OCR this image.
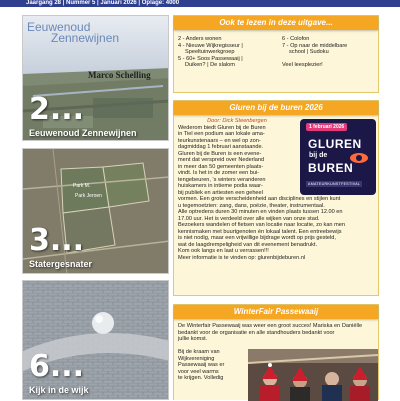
Jaargang 28 | Nummer 5 | Januari 2026 | Oplage: 4000
Eeuwenoud
Zennewijnen
Marco Schelling
2...
Eeuwenoud Zennewijnen
Park M.
Park Jeroen
3...
Statergesnater
6...
Kijk in de wijk
Ook te lezen in deze uitgave...
2 - Anders wonen
4 - Nieuwe Wijkregisseur |
Speeltuinwerkgroep
5 - 60+ Soos Passewaaij |
Duiken? | De slalom
6 - Colofon
7 - Op naar de middelbare
school | Sudoku
Veel leesplezier!
Gluren bij de buren 2026
Door: Dick Steenbergen
Wederom biedt Gluren bij de Buren
in Tiel een podium aan lokale ama-
teurkunstenaars – en wel op zon-
dagmiddag 1 februari aanstaande.
Gluren bij de Buren is een evene-
ment dat verspreid over Nederland
in meer dan 50 gemeenten plaats-
vindt. Is het in de zomer een bui-
tengebeuren, 's winters veranderen
huiskamers in intieme podia waar-
bij publiek en artiesten een geheel
1 februari 2026
GLUREN
bij de
BUREN
AMATEURKUNSTFESTIVAL
vormen. Een grote verscheidenheid aan disciplines en stijlen kunt
u tegemoetzien: zang, dans, poëzie, theater, instrumentaal.
Alle optredens duren 30 minuten en vinden plaats tussen 12.00 en
17.00 uur. Het is verdeeld over alle wijken van onze stad.
Bezoekers wandelen of fietsen van locatie naar locatie, zo kan men
kennismaken met buurtgenoten én lokaal talent. Een entreebewijs
is niet nodig, maar een vrijwillige bijdrage wordt op prijs gesteld,
wat de laagdrempeligheid van dit evenement benadrukt.
Kom ook langs en laat u verrassen!!!
Meer informatie is te vinden op: glurenbijdeburen.nl
WinterFair Passewaaij
De Winterfair Passewaaij was weer een groot succes! Mariska en Daniëlle
bedankt voor de organisatie en alle standhouders bedankt voor
jullie komst.
Bij de kraam van
Wijkvereniging
Passewaaij was er
voor veel warms
te krijgen. Volledig
